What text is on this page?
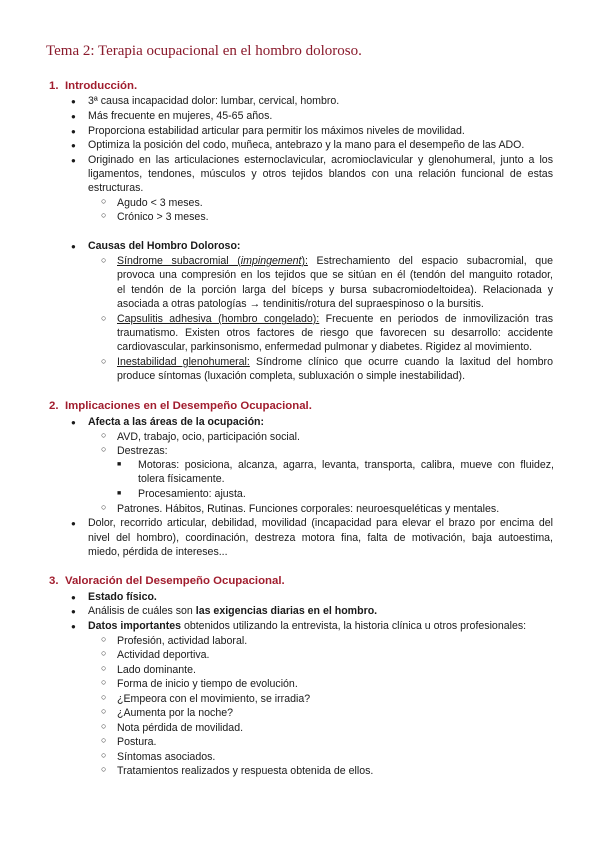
Tema 2: Terapia ocupacional en el hombro doloroso.
1. Introducción.
● 3ª causa incapacidad dolor: lumbar, cervical, hombro.
● Más frecuente en mujeres, 45-65 años.
● Proporciona estabilidad articular para permitir los máximos niveles de movilidad.
● Optimiza la posición del codo, muñeca, antebrazo y la mano para el desempeño de las ADO.
● Originado en las articulaciones esternoclavicular, acromioclavicular y glenohumeral, junto a los
ligamentos, tendones, músculos y otros tejidos blandos con una relación funcional de estas
estructuras.
○ Agudo < 3 meses.
○ Crónico > 3 meses.
● Causas del Hombro Doloroso:
○ Síndrome subacromial (impingement): Estrechamiento del espacio subacromial, que
provoca una compresión en los tejidos que se sitúan en él (tendón del manguito rotador,
el tendón de la porción larga del bíceps y bursa subacromiodeltoidea). Relacionada y
asociada a otras patologías → tendinitis/rotura del supraespinoso o la bursitis.
○ Capsulitis adhesiva (hombro congelado): Frecuente en periodos de inmovilización tras
traumatismo. Existen otros factores de riesgo que favorecen su desarrollo: accidente
cardiovascular, parkinsonismo, enfermedad pulmonar y diabetes. Rigidez al movimiento.
○ Inestabilidad glenohumeral: Síndrome clínico que ocurre cuando la laxitud del hombro
produce síntomas (luxación completa, subluxación o simple inestabilidad).
2. Implicaciones en el Desempeño Ocupacional.
● Afecta a las áreas de la ocupación:
○ AVD, trabajo, ocio, participación social.
○ Destrezas:
■ Motoras: posiciona, alcanza, agarra, levanta, transporta, calibra, mueve con fluidez,
tolera físicamente.
■ Procesamiento: ajusta.
○ Patrones. Hábitos, Rutinas. Funciones corporales: neuroesqueléticas y mentales.
● Dolor, recorrido articular, debilidad, movilidad (incapacidad para elevar el brazo por encima del
nivel del hombro), coordinación, destreza motora fina, falta de motivación, baja autoestima,
miedo, pérdida de intereses...
3. Valoración del Desempeño Ocupacional.
● Estado físico.
● Análisis de cuáles son las exigencias diarias en el hombro.
● Datos importantes obtenidos utilizando la entrevista, la historia clínica u otros profesionales:
○ Profesión, actividad laboral.
○ Actividad deportiva.
○ Lado dominante.
○ Forma de inicio y tiempo de evolución.
○ ¿Empeora con el movimiento, se irradia?
○ ¿Aumenta por la noche?
○ Nota pérdida de movilidad.
○ Postura.
○ Síntomas asociados.
○ Tratamientos realizados y respuesta obtenida de ellos.
